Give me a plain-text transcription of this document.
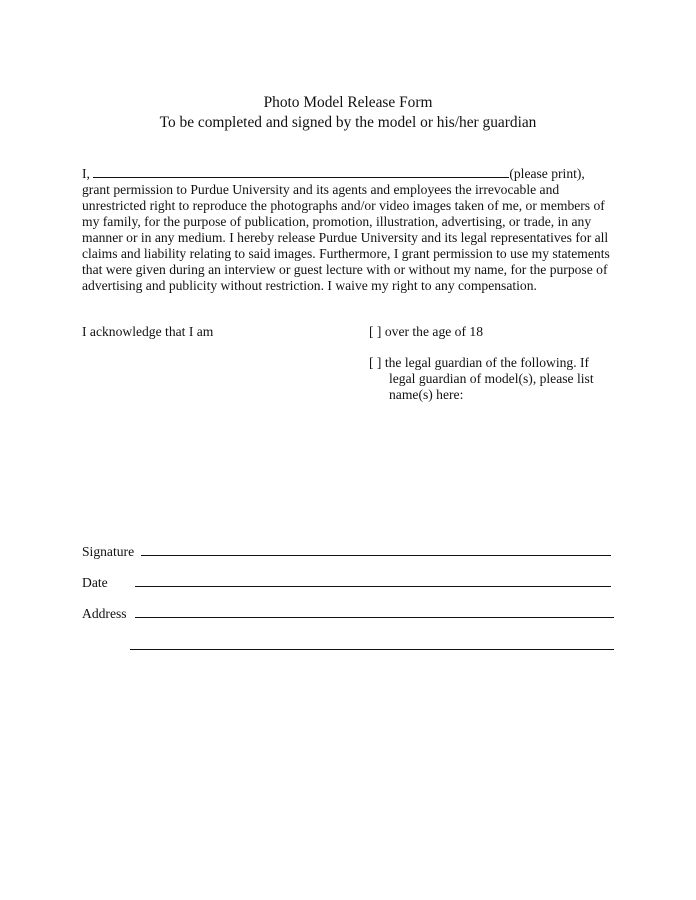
Photo Model Release Form
To be completed and signed by the model or his/her guardian
I,	(please print),
grant permission to Purdue University and its agents and employees the irrevocable and unrestricted right to reproduce the photographs and/or video images taken of me, or members of my family, for the purpose of publication, promotion, illustration, advertising, or trade, in any manner or in any medium. I hereby release Purdue University and its legal representatives for all claims and liability relating to said images. Furthermore, I grant permission to use my statements that were given during an interview or guest lecture with or without my name, for the purpose of advertising and publicity without restriction. I waive my right to any compensation.
I acknowledge that I am	[ ] over the age of 18
[ ] the legal guardian of the following. If
legal guardian of model(s), please list
name(s) here:
Signature
Date
Address
